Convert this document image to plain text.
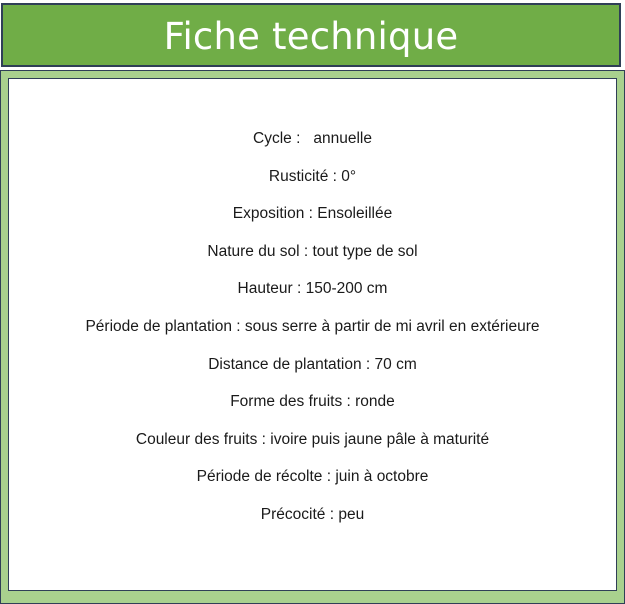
Fiche technique
Cycle :   annuelle
Rusticité : 0°
Exposition : Ensoleillée
Nature du sol : tout type de sol
Hauteur : 150-200 cm
Période de plantation : sous serre à partir de mi avril en extérieure
Distance de plantation : 70 cm
Forme des fruits : ronde
Couleur des fruits : ivoire puis jaune pâle à maturité
Période de récolte : juin à octobre
Précocité : peu
